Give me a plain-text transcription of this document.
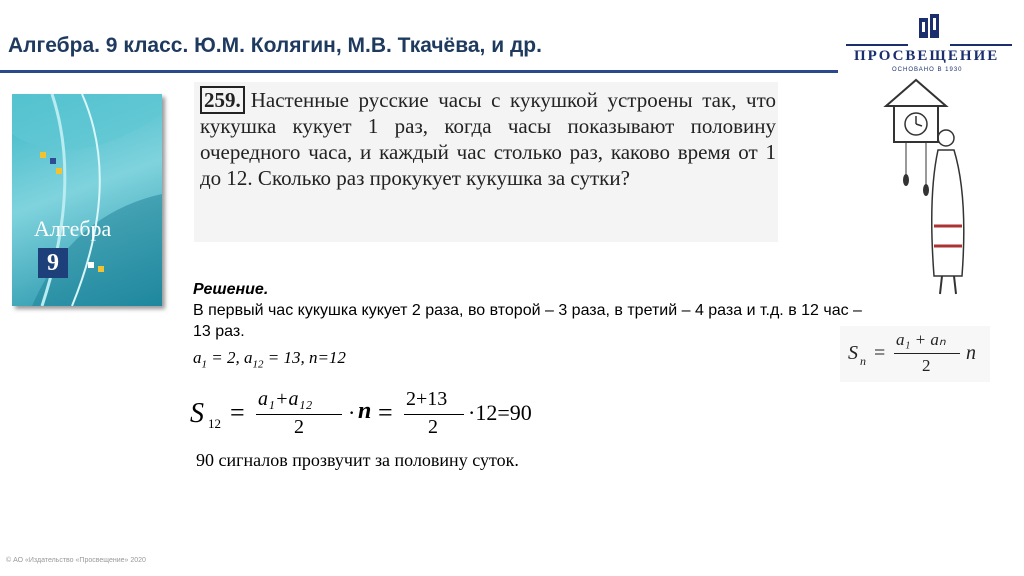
Алгебра. 9 класс. Ю.М. Колягин, М.В. Ткачёва, и др.	ПРОСВЕЩЕНИЕ
ОСНОВАНО В 1930
Алгебра
9
259. Настенные русские часы с кукушкой устроены так, что кукушка кукует 1 раз, когда часы показывают половину очередного часа, и каждый час столько раз, каково время от 1 до 12. Сколько раз прокукует кукушка за сутки?
Решение.
В первый час кукушка кукует 2 раза, во второй – 3 раза, в третий – 4 раза и т.д. в 12 час – 13 раз.
$a_1 = 2$, $a_{12} = 13$, n=12	S n =
a₁ + aₙ
2
n
S 12 = a₁+a₁₂
2
· n = 2+13
2
·12=90
90 сигналов прозвучит за половину суток.
© АО «Издательство «Просвещение» 2020
